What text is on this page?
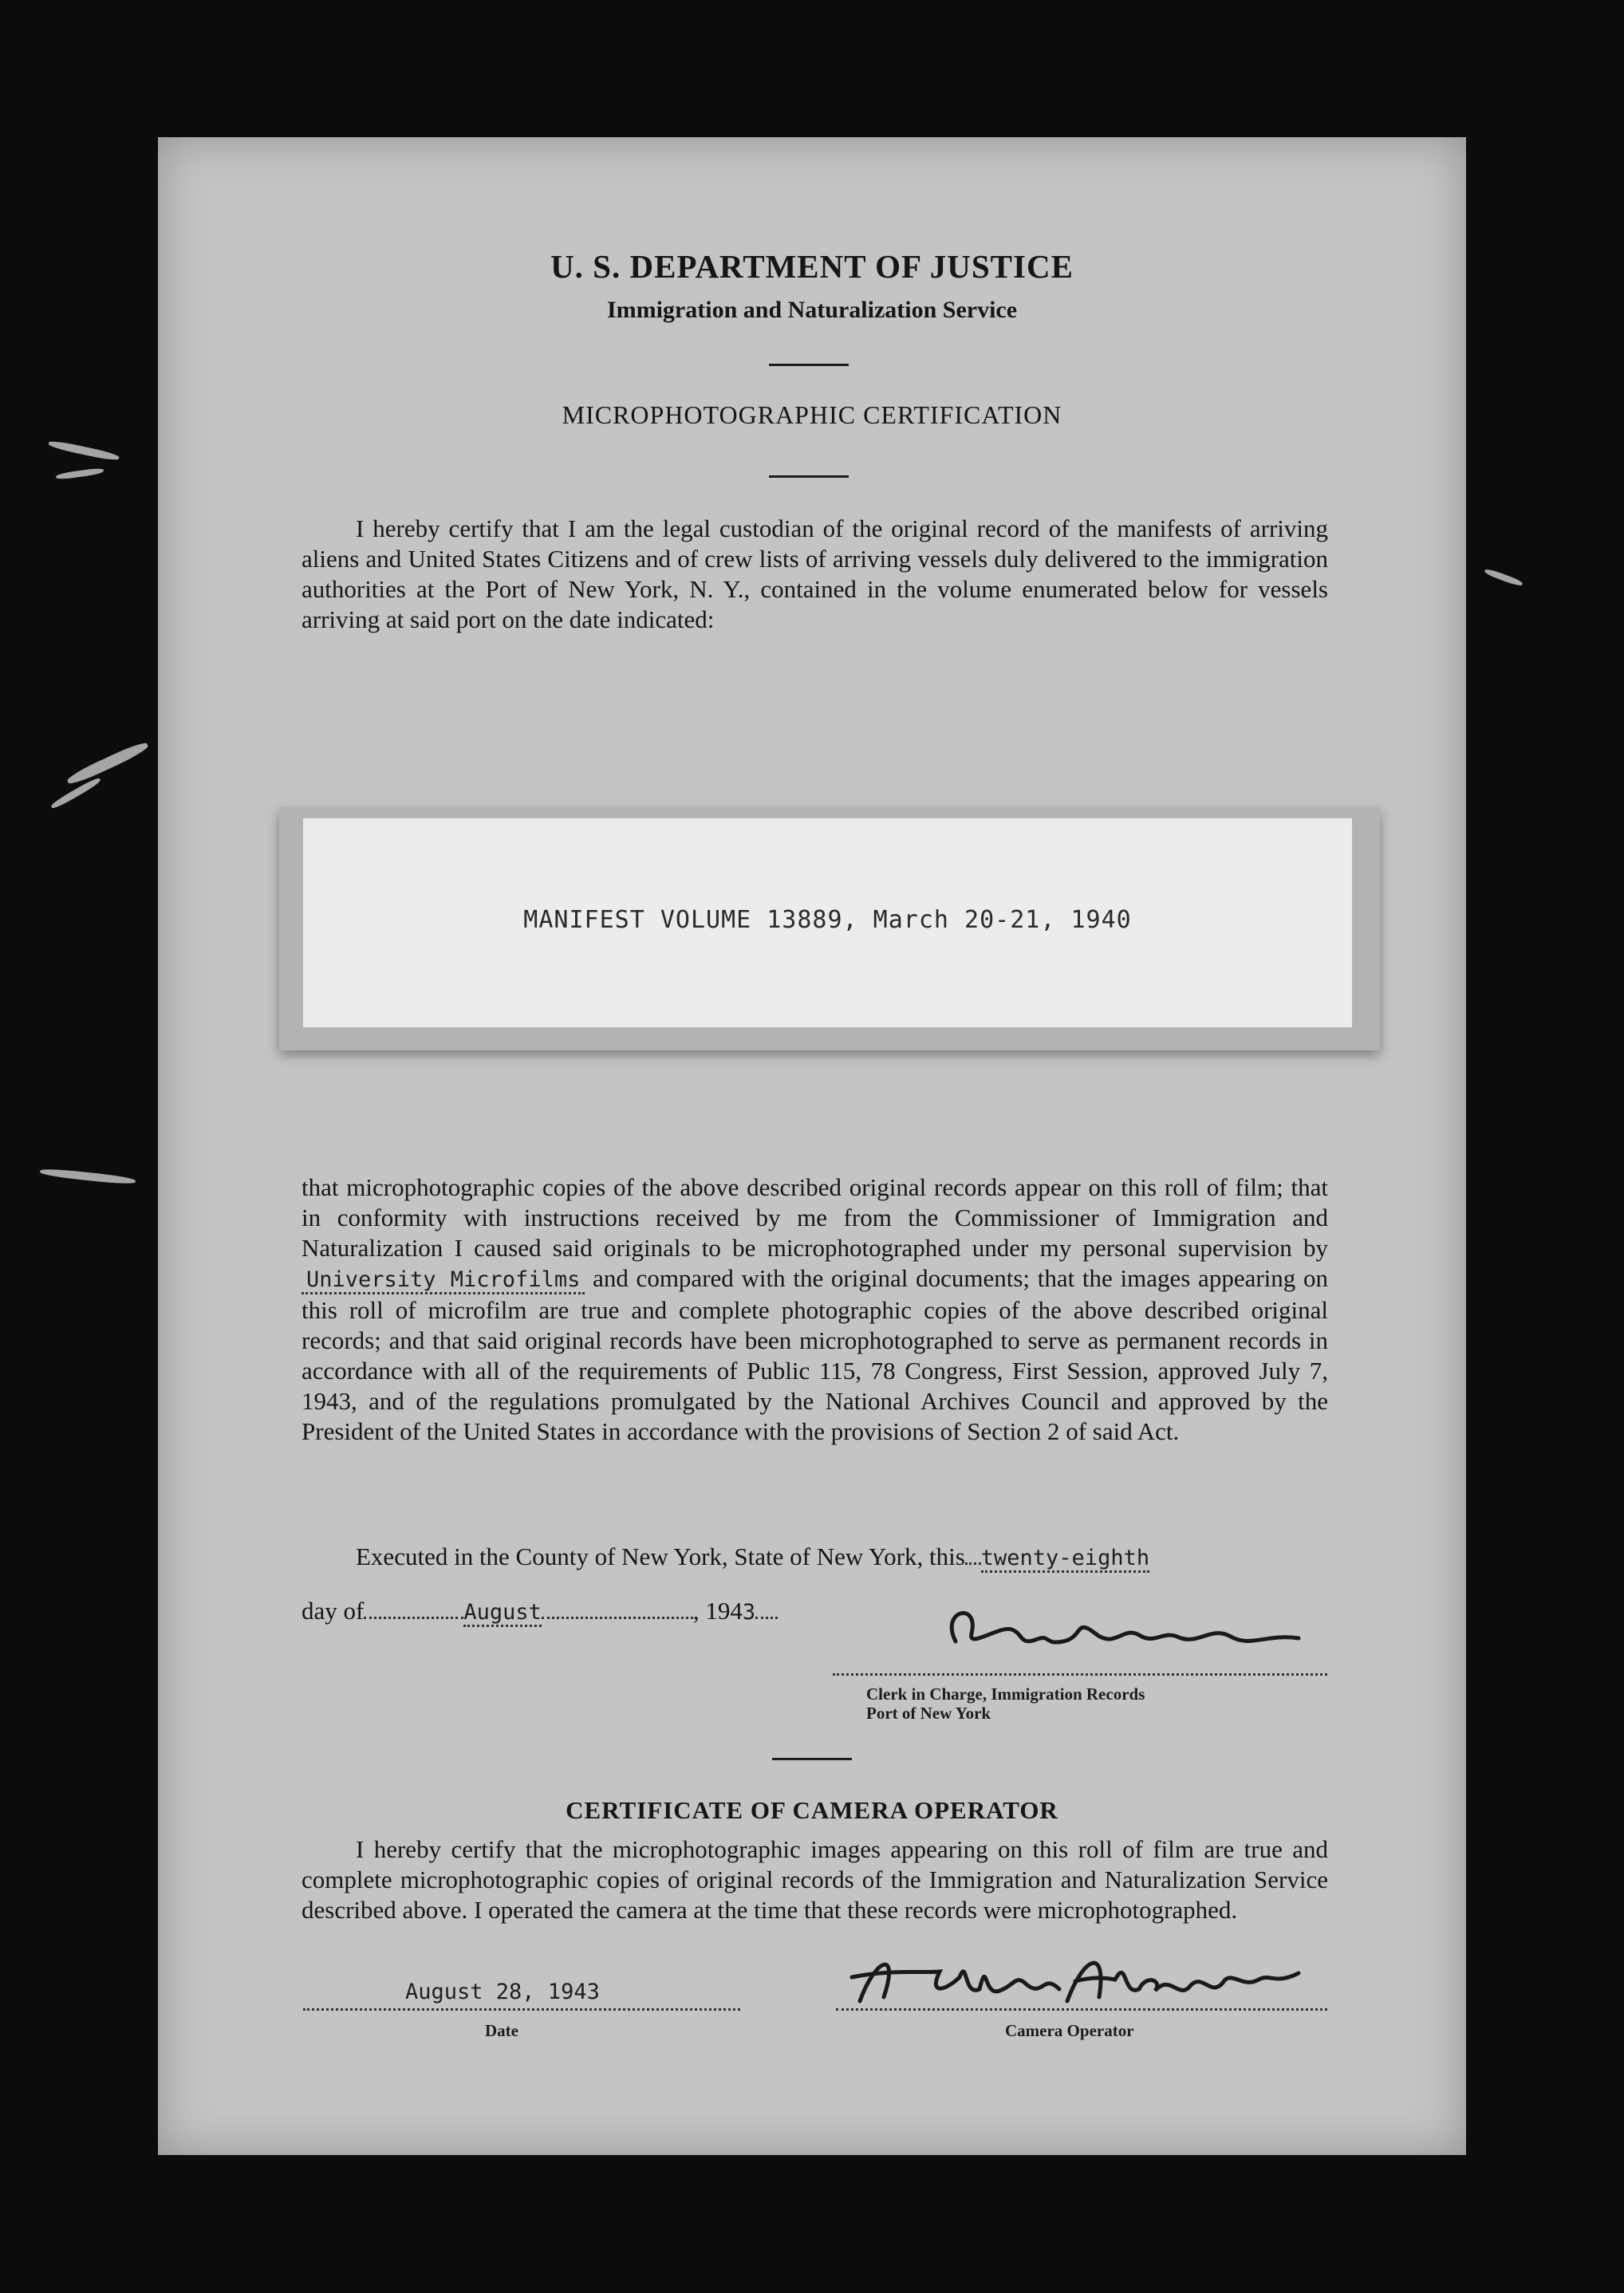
U. S. DEPARTMENT OF JUSTICE
Immigration and Naturalization Service
MICROPHOTOGRAPHIC CERTIFICATION
I hereby certify that I am the legal custodian of the original record of the manifests of arriving aliens and United States Citizens and of crew lists of arriving vessels duly delivered to the immigration authorities at the Port of New York, N. Y., contained in the volume enumerated below for vessels arriving at said port on the date indicated:
MANIFEST VOLUME 13889, March 20-21, 1940
that microphotographic copies of the above described original records appear on this roll of film; that in conformity with instructions received by me from the Commissioner of Immigration and Naturalization I caused said originals to be microphotographed under my personal supervision by University Microfilms and compared with the original documents; that the images appearing on this roll of microfilm are true and complete photographic copies of the above described original records; and that said original records have been microphotographed to serve as permanent records in accordance with all of the requirements of Public 115, 78 Congress, First Session, approved July 7, 1943, and of the regulations promulgated by the National Archives Council and approved by the President of the United States in accordance with the provisions of Section 2 of said Act.
Executed in the County of New York, State of New York, this twenty-eighth
day of	August	, 1943
Clerk in Charge, Immigration Records
Port of New York
CERTIFICATE OF CAMERA OPERATOR
I hereby certify that the microphotographic images appearing on this roll of film are true and complete microphotographic copies of original records of the Immigration and Naturalization Service described above. I operated the camera at the time that these records were microphotographed.
August 28, 1943
Date	Camera Operator
